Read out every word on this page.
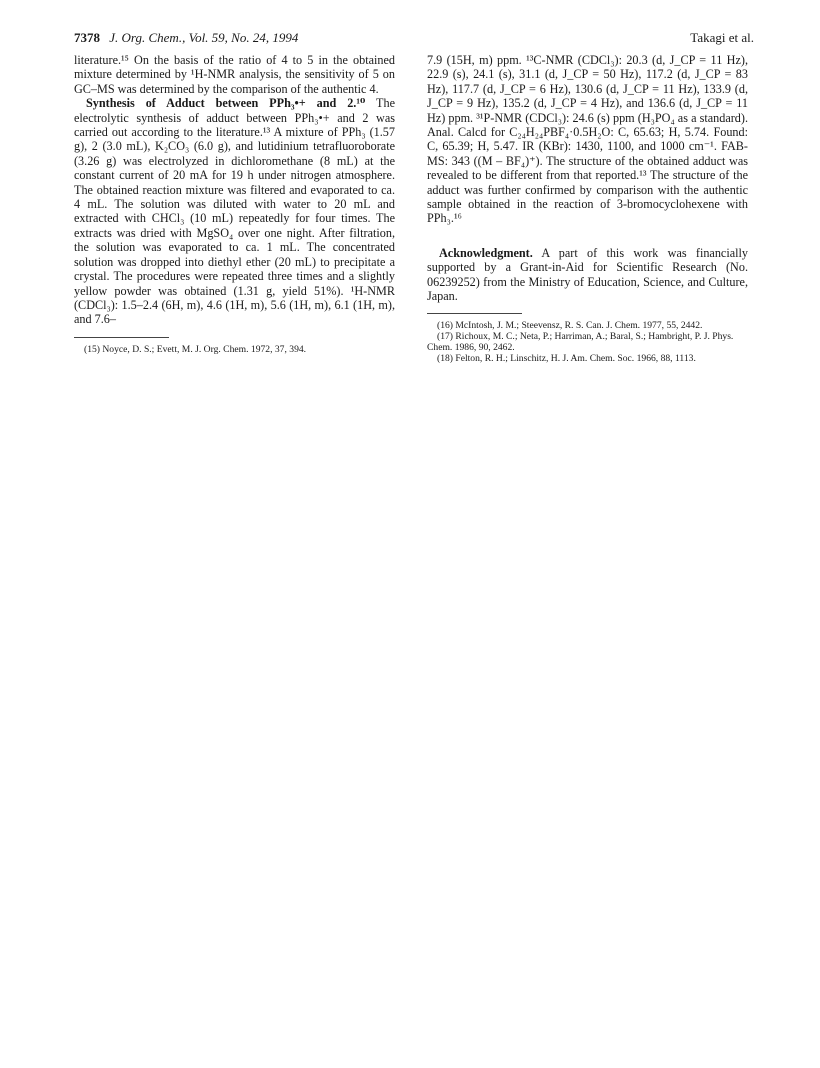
7378 J. Org. Chem., Vol. 59, No. 24, 1994	Takagi et al.

literature.¹⁵ On the basis of the ratio of 4 to 5 in the obtained mixture determined by ¹H-NMR analysis, the sensitivity of 5 on GC–MS was determined by the comparison of the authentic 4.

Synthesis of Adduct between PPh₃•+ and 2.¹⁰ The electrolytic synthesis of adduct between PPh₃•+ and 2 was carried out according to the literature.¹³ A mixture of PPh₃ (1.57 g), 2 (3.0 mL), K₂CO₃ (6.0 g), and lutidinium tetrafluoroborate (3.26 g) was electrolyzed in dichloromethane (8 mL) at the constant current of 20 mA for 19 h under nitrogen atmosphere. The obtained reaction mixture was filtered and evaporated to ca. 4 mL. The solution was diluted with water to 20 mL and extracted with CHCl₃ (10 mL) repeatedly for four times. The extracts was dried with MgSO₄ over one night. After filtration, the solution was evaporated to ca. 1 mL. The concentrated solution was dropped into diethyl ether (20 mL) to precipitate a crystal. The procedures were repeated three times and a slightly yellow powder was obtained (1.31 g, yield 51%). ¹H-NMR (CDCl₃): 1.5–2.4 (6H, m), 4.6 (1H, m), 5.6 (1H, m), 6.1 (1H, m), and 7.6–

(15) Noyce, D. S.; Evett, M. J. Org. Chem. 1972, 37, 394.

7.9 (15H, m) ppm. ¹³C-NMR (CDCl₃): 20.3 (d, J_CP = 11 Hz), 22.9 (s), 24.1 (s), 31.1 (d, J_CP = 50 Hz), 117.2 (d, J_CP = 83 Hz), 117.7 (d, J_CP = 6 Hz), 130.6 (d, J_CP = 11 Hz), 133.9 (d, J_CP = 9 Hz), 135.2 (d, J_CP = 4 Hz), and 136.6 (d, J_CP = 11 Hz) ppm. ³¹P-NMR (CDCl₃): 24.6 (s) ppm (H₃PO₄ as a standard). Anal. Calcd for C₂₄H₂₄PBF₄·0.5H₂O: C, 65.63; H, 5.74. Found: C, 65.39; H, 5.47. IR (KBr): 1430, 1100, and 1000 cm⁻¹. FAB-MS: 343 ((M – BF₄)⁺). The structure of the obtained adduct was revealed to be different from that reported.¹³ The structure of the adduct was further confirmed by comparison with the authentic sample obtained in the reaction of 3-bromocyclohexene with PPh₃.¹⁶

Acknowledgment. A part of this work was financially supported by a Grant-in-Aid for Scientific Research (No. 06239252) from the Ministry of Education, Science, and Culture, Japan.

(16) McIntosh, J. M.; Steevensz, R. S. Can. J. Chem. 1977, 55, 2442.

(17) Richoux, M. C.; Neta, P.; Harriman, A.; Baral, S.; Hambright, P. J. Phys. Chem. 1986, 90, 2462.

(18) Felton, R. H.; Linschitz, H. J. Am. Chem. Soc. 1966, 88, 1113.
